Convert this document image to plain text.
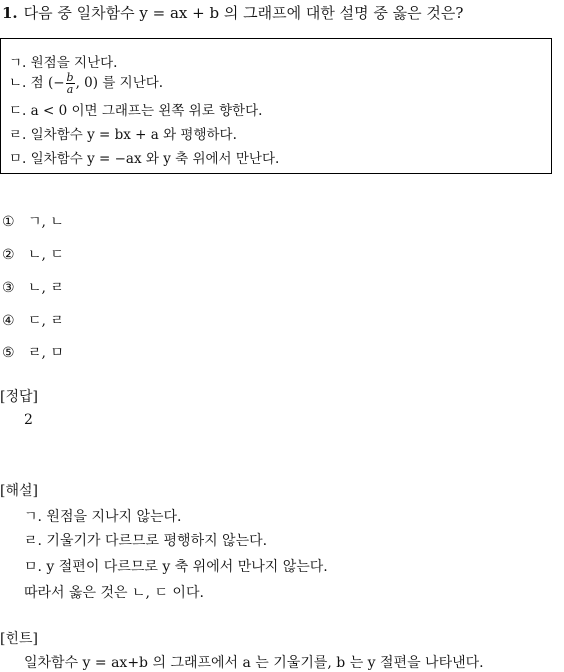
1. 다음 중 일차함수 y = ax + b 의 그래프에 대한 설명 중 옳은 것은?
ㄱ. 원점을 지난다.
ㄴ. 점 (− $\frac{b}{a}$ , 0) 를 지난다.
ㄷ. a < 0 이면 그래프는 왼쪽 위로 향한다.
ㄹ. 일차함수 y = bx + a 와 평행하다.
ㅁ. 일차함수 y = −ax 와 y 축 위에서 만난다.
① ㄱ, ㄴ
② ㄴ, ㄷ
③ ㄴ, ㄹ
④ ㄷ, ㄹ
⑤ ㄹ, ㅁ
[정답]
2
[해설]
ㄱ. 원점을 지나지 않는다.
ㄹ. 기울기가 다르므로 평행하지 않는다.
ㅁ. y 절편이 다르므로 y 축 위에서 만나지 않는다.
따라서 옳은 것은 ㄴ, ㄷ 이다.
[힌트]
일차함수 y = ax+b 의 그래프에서 a 는 기울기를, b 는 y 절편을 나타낸다.
